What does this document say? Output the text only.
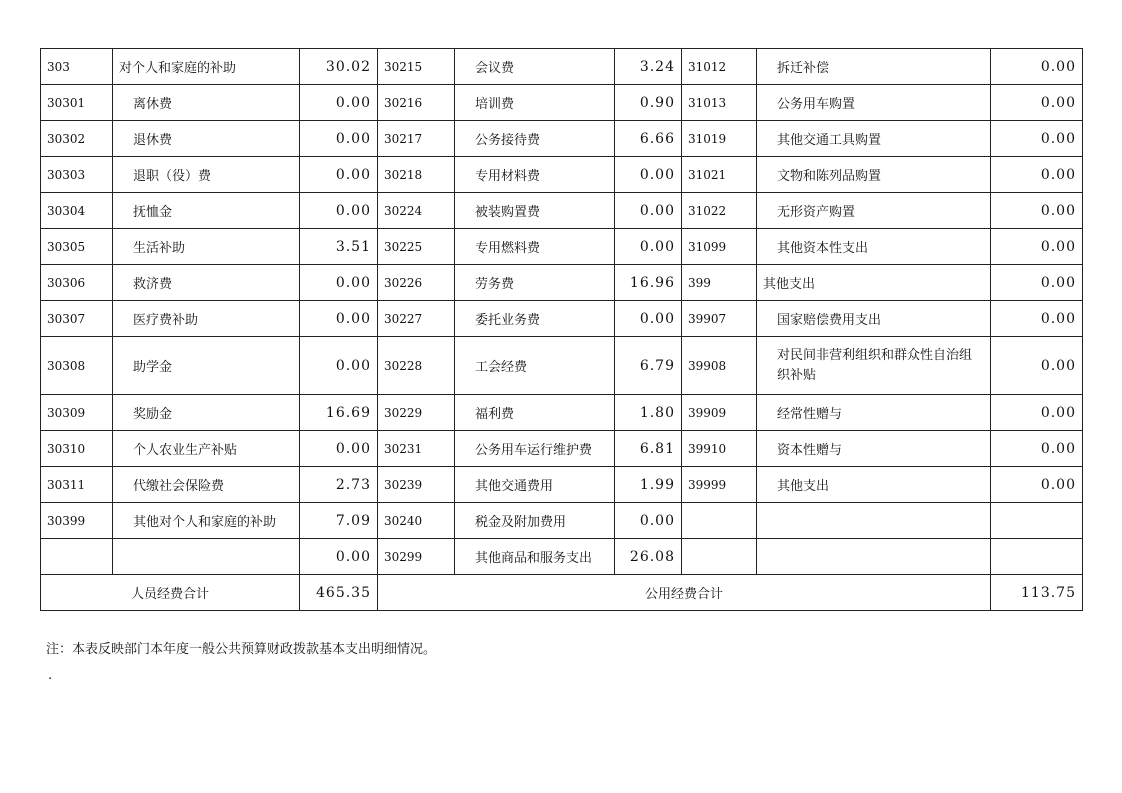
303	对个人和家庭的补助	30.02	30215	会议费	3.24	31012	拆迁补偿	0.00
30301	离休费	0.00	30216	培训费	0.90	31013	公务用车购置	0.00
30302	退休费	0.00	30217	公务接待费	6.66	31019	其他交通工具购置	0.00
30303	退职（役）费	0.00	30218	专用材料费	0.00	31021	文物和陈列品购置	0.00
30304	抚恤金	0.00	30224	被装购置费	0.00	31022	无形资产购置	0.00
30305	生活补助	3.51	30225	专用燃料费	0.00	31099	其他资本性支出	0.00
30306	救济费	0.00	30226	劳务费	16.96	399	其他支出	0.00
30307	医疗费补助	0.00	30227	委托业务费	0.00	39907	国家赔偿费用支出	0.00
30308	助学金	0.00	30228	工会经费	6.79	39908	对民间非营利组织和群众性自治组织补贴	0.00
30309	奖励金	16.69	30229	福利费	1.80	39909	经常性赠与	0.00
30310	个人农业生产补贴	0.00	30231	公务用车运行维护费	6.81	39910	资本性赠与	0.00
30311	代缴社会保险费	2.73	30239	其他交通费用	1.99	39999	其他支出	0.00
30399	其他对个人和家庭的补助	7.09	30240	税金及附加费用	0.00			
		0.00	30299	其他商品和服务支出	26.08			
人员经费合计		465.35	公用经费合计					113.75
注：本表反映部门本年度一般公共预算财政拨款基本支出明细情况。
.
